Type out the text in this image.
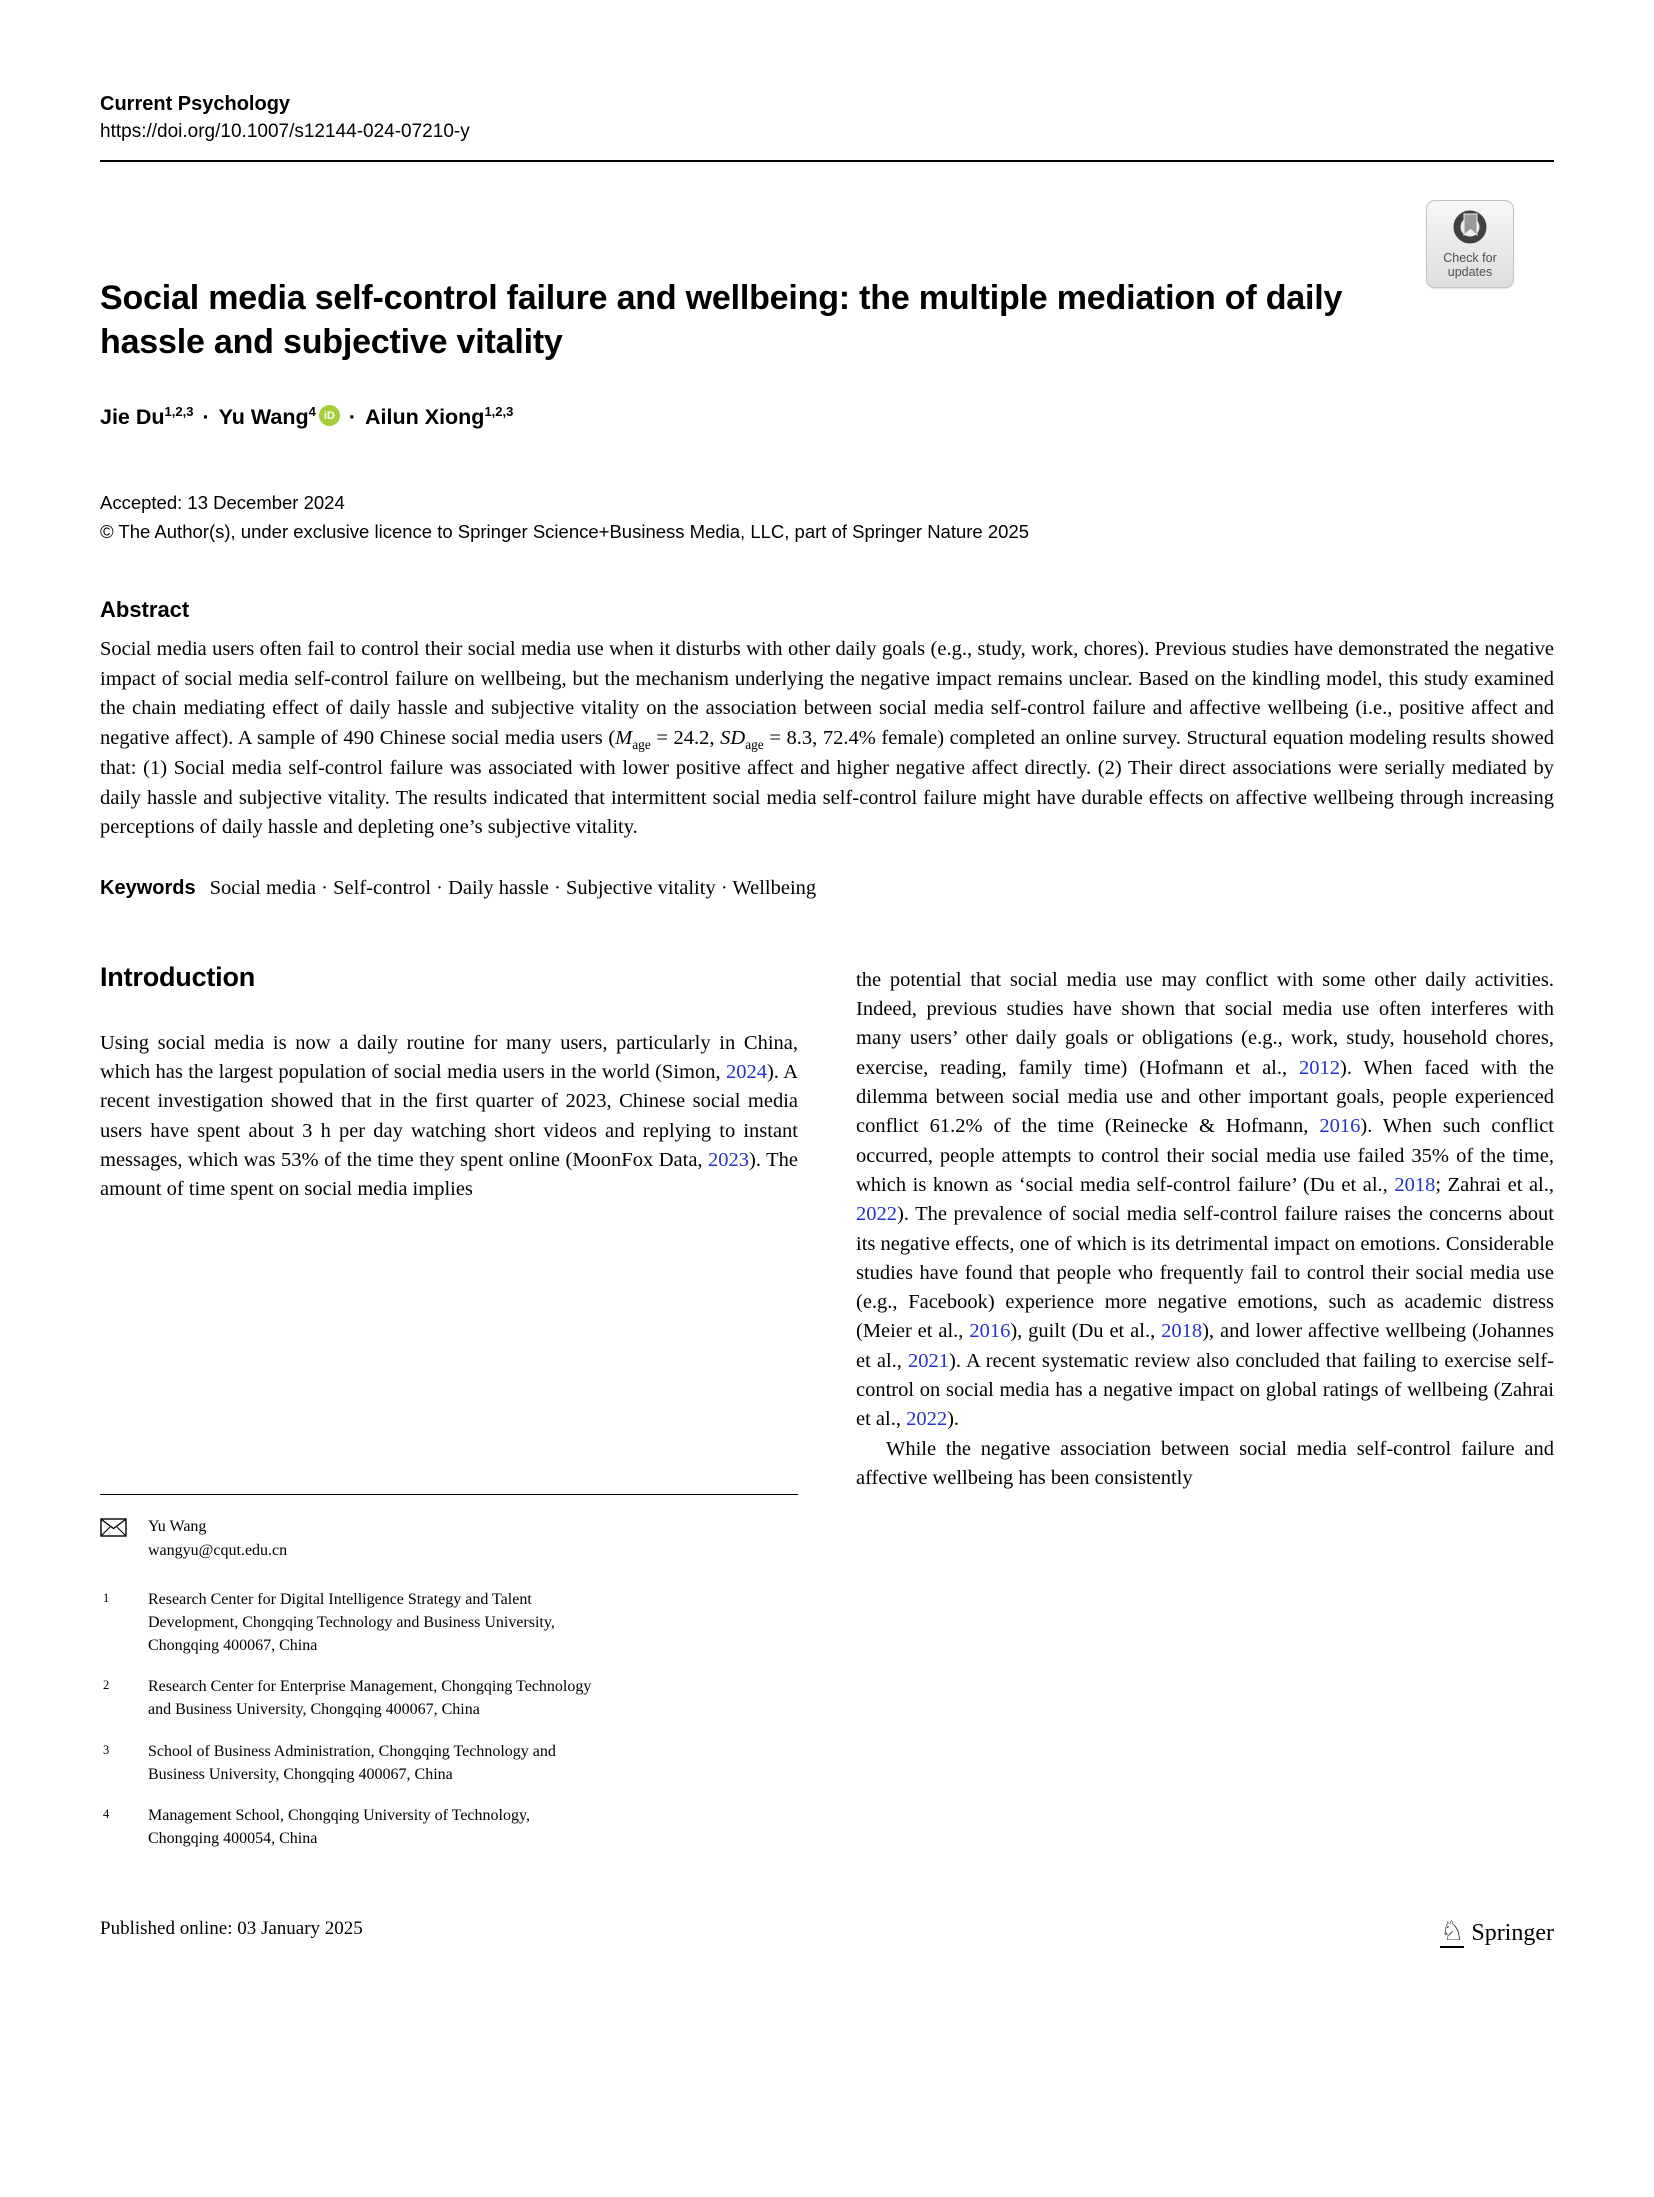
Current Psychology
https://doi.org/10.1007/s12144-024-07210-y
Check for
updates
Social media self-control failure and wellbeing: the multiple mediation of daily hassle and subjective vitality
Jie Du$^{1,2,3}$ · Yu Wang$^4$ iD · Ailun Xiong$^{1,2,3}$
Accepted: 13 December 2024
© The Author(s), under exclusive licence to Springer Science+Business Media, LLC, part of Springer Nature 2025
Abstract

Social media users often fail to control their social media use when it disturbs with other daily goals (e.g., study, work, chores). Previous studies have demonstrated the negative impact of social media self-control failure on wellbeing, but the mechanism underlying the negative impact remains unclear. Based on the kindling model, this study examined the chain mediating effect of daily hassle and subjective vitality on the association between social media self-control failure and affective wellbeing (i.e., positive affect and negative affect). A sample of 490 Chinese social media users ($M_{age} = 24.2$, $SD_{age} = 8.3$, 72.4% female) completed an online survey. Structural equation modeling results showed that: (1) Social media self-control failure was associated with lower positive affect and higher negative affect directly. (2) Their direct associations were serially mediated by daily hassle and subjective vitality. The results indicated that intermittent social media self-control failure might have durable effects on affective wellbeing through increasing perceptions of daily hassle and depleting one’s subjective vitality.

Keywords Social media · Self-control · Daily hassle · Subjective vitality · Wellbeing
Introduction

Using social media is now a daily routine for many users, particularly in China, which has the largest population of social media users in the world (Simon, 2024). A recent investigation showed that in the first quarter of 2023, Chinese social media users have spent about 3 h per day watching short videos and replying to instant messages, which was 53% of the time they spent online (MoonFox Data, 2023). The amount of time spent on social media implies

Yu Wang
wangyu@cqut.edu.cn
1	Research Center for Digital Intelligence Strategy and Talent Development, Chongqing Technology and Business University, Chongqing 400067, China
2	Research Center for Enterprise Management, Chongqing Technology and Business University, Chongqing 400067, China
3	School of Business Administration, Chongqing Technology and Business University, Chongqing 400067, China
4	Management School, Chongqing University of Technology, Chongqing 400054, China

the potential that social media use may conflict with some other daily activities. Indeed, previous studies have shown that social media use often interferes with many users’ other daily goals or obligations (e.g., work, study, household chores, exercise, reading, family time) (Hofmann et al., 2012). When faced with the dilemma between social media use and other important goals, people experienced conflict 61.2% of the time (Reinecke & Hofmann, 2016). When such conflict occurred, people attempts to control their social media use failed 35% of the time, which is known as ‘social media self-control failure’ (Du et al., 2018; Zahrai et al., 2022). The prevalence of social media self-control failure raises the concerns about its negative effects, one of which is its detrimental impact on emotions. Considerable studies have found that people who frequently fail to control their social media use (e.g., Facebook) experience more negative emotions, such as academic distress (Meier et al., 2016), guilt (Du et al., 2018), and lower affective wellbeing (Johannes et al., 2021). A recent systematic review also concluded that failing to exercise self-control on social media has a negative impact on global ratings of wellbeing (Zahrai et al., 2022).

While the negative association between social media self-control failure and affective wellbeing has been consistently

Published online: 03 January 2025	♘ Springer
